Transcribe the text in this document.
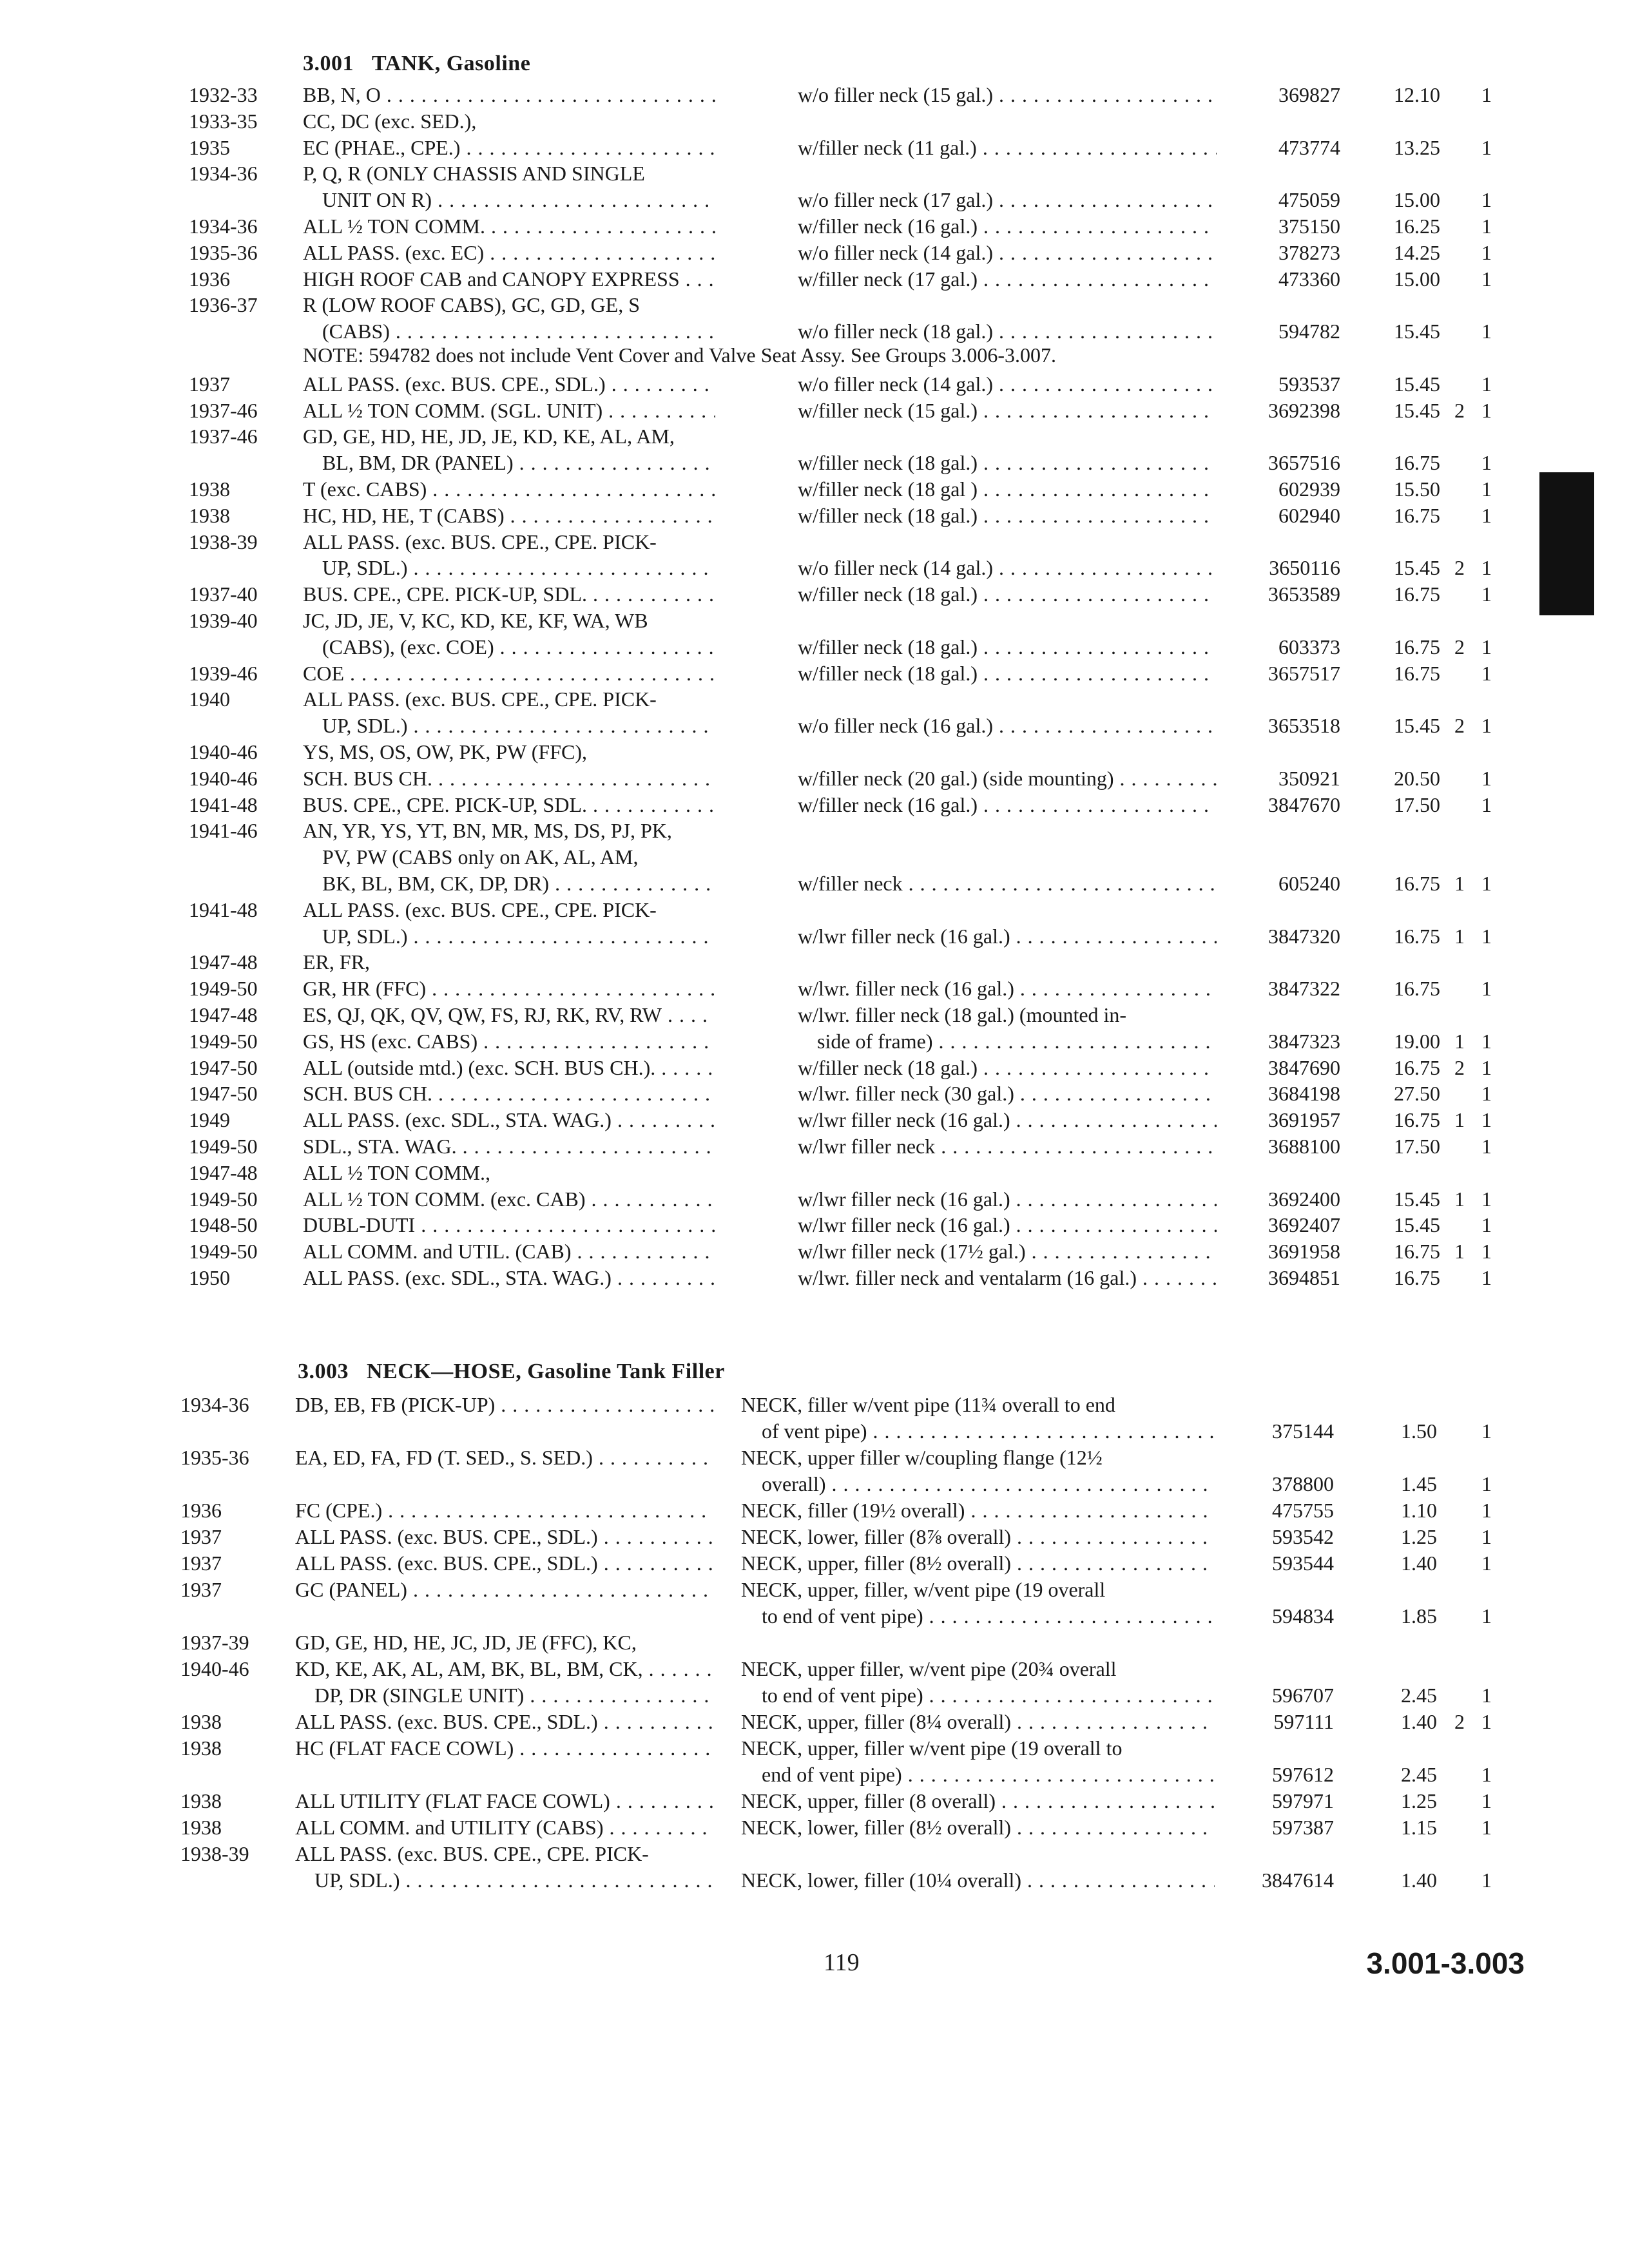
3.001 TANK, Gasoline
1932-33	BB, N, O . . .	w/o filler neck (15 gal.) . . .	369827	12.10	1
1933-35	CC, DC (exc. SED.),
1935	EC (PHAE., CPE.) . . .	w/filler neck (11 gal.) . . .	473774	13.25	1
1934-36	P, Q, R (ONLY CHASSIS AND SINGLE
UNIT ON R) . . .	w/o filler neck (17 gal.) . . .	475059	15.00	1
1934-36	ALL ½ TON COMM. . . .	w/filler neck (16 gal.) . . .	375150	16.25	1
1935-36	ALL PASS. (exc. EC) . . .	w/o filler neck (14 gal.) . . .	378273	14.25	1
1936	HIGH ROOF CAB and CANOPY EXPRESS . . .	w/filler neck (17 gal.) . . .	473360	15.00	1
1936-37	R (LOW ROOF CABS), GC, GD, GE, S
(CABS) . . .	w/o filler neck (18 gal.) . . .	594782	15.45	1
NOTE: 594782 does not include Vent Cover and Valve Seat Assy. See Groups 3.006-3.007.
1937	ALL PASS. (exc. BUS. CPE., SDL.) . . .	w/o filler neck (14 gal.) . . .	593537	15.45	1
1937-46	ALL ½ TON COMM. (SGL. UNIT) . . .	w/filler neck (15 gal.) . . .	3692398	15.45 2 1
1937-46	GD, GE, HD, HE, JD, JE, KD, KE, AL, AM,
BL, BM, DR (PANEL) . . .	w/filler neck (18 gal.) . . .	3657516	16.75	1
1938	T (exc. CABS) . . .	w/filler neck (18 gal ) . . .	602939	15.50	1
1938	HC, HD, HE, T (CABS) . . .	w/filler neck (18 gal.) . . .	602940	16.75	1
1938-39	ALL PASS. (exc. BUS. CPE., CPE. PICK-
UP, SDL.) . . .	w/o filler neck (14 gal.) . . .	3650116	15.45 2 1
1937-40	BUS. CPE., CPE. PICK-UP, SDL. . . .	w/filler neck (18 gal.) . . .	3653589	16.75	1
1939-40	JC, JD, JE, V, KC, KD, KE, KF, WA, WB
(CABS), (exc. COE) . . .	w/filler neck (18 gal.) . . .	603373	16.75 2 1
1939-46	COE . . .	w/filler neck (18 gal.) . . .	3657517	16.75	1
1940	ALL PASS. (exc. BUS. CPE., CPE. PICK-
UP, SDL.) . . .	w/o filler neck (16 gal.) . . .	3653518	15.45 2 1
1940-46	YS, MS, OS, OW, PK, PW (FFC),
1940-46	SCH. BUS CH. . . .	w/filler neck (20 gal.) (side mounting) . . .	350921	20.50	1
1941-48	BUS. CPE., CPE. PICK-UP, SDL. . . .	w/filler neck (16 gal.) . . .	3847670	17.50	1
1941-46	AN, YR, YS, YT, BN, MR, MS, DS, PJ, PK,
PV, PW (CABS only on AK, AL, AM,
BK, BL, BM, CK, DP, DR) . . .	w/filler neck . . .	605240	16.75 1 1
1941-48	ALL PASS. (exc. BUS. CPE., CPE. PICK-
UP, SDL.) . . .	w/lwr filler neck (16 gal.) . . .	3847320	16.75 1 1
1947-48	ER, FR,
1949-50	GR, HR (FFC) . . .	w/lwr. filler neck (16 gal.) . . .	3847322	16.75	1
1947-48	ES, QJ, QK, QV, QW, FS, RJ, RK, RV, RW . . .	w/lwr. filler neck (18 gal.) (mounted in-
1949-50	GS, HS (exc. CABS) . . .	side of frame) . . .	3847323	19.00 1 1
1947-50	ALL (outside mtd.) (exc. SCH. BUS CH.). . . .	w/filler neck (18 gal.) . . .	3847690	16.75 2 1
1947-50	SCH. BUS CH. . . .	w/lwr. filler neck (30 gal.) . . .	3684198	27.50	1
1949	ALL PASS. (exc. SDL., STA. WAG.) . . .	w/lwr filler neck (16 gal.) . . .	3691957	16.75 1 1
1949-50	SDL., STA. WAG. . . .	w/lwr filler neck . . .	3688100	17.50	1
1947-48	ALL ½ TON COMM.,
1949-50	ALL ½ TON COMM. (exc. CAB) . . .	w/lwr filler neck (16 gal.) . . .	3692400	15.45 1 1
1948-50	DUBL-DUTI . . .	w/lwr filler neck (16 gal.) . . .	3692407	15.45	1
1949-50	ALL COMM. and UTIL. (CAB) . . .	w/lwr filler neck (17½ gal.) . . .	3691958	16.75 1 1
1950	ALL PASS. (exc. SDL., STA. WAG.) . . .	w/lwr. filler neck and ventalarm (16 gal.) . . .	3694851	16.75	1
3.003 NECK—HOSE, Gasoline Tank Filler
1934-36	DB, EB, FB (PICK-UP) . . .	NECK, filler w/vent pipe (11¾ overall to end
of vent pipe) . . .	375144	1.50	1
1935-36	EA, ED, FA, FD (T. SED., S. SED.) . . .	NECK, upper filler w/coupling flange (12½
overall) . . .	378800	1.45	1
1936	FC (CPE.) . . .	NECK, filler (19½ overall) . . .	475755	1.10	1
1937	ALL PASS. (exc. BUS. CPE., SDL.) . . .	NECK, lower, filler (8⅞ overall) . . .	593542	1.25	1
1937	ALL PASS. (exc. BUS. CPE., SDL.) . . .	NECK, upper, filler (8½ overall) . . .	593544	1.40	1
1937	GC (PANEL) . . .	NECK, upper, filler, w/vent pipe (19 overall
to end of vent pipe) . . .	594834	1.85	1
1937-39	GD, GE, HD, HE, JC, JD, JE (FFC), KC,
1940-46	KD, KE, AK, AL, AM, BK, BL, BM, CK, . . .	NECK, upper filler, w/vent pipe (20¾ overall
DP, DR (SINGLE UNIT) . . .	to end of vent pipe) . . .	596707	2.45	1
1938	ALL PASS. (exc. BUS. CPE., SDL.) . . .	NECK, upper, filler (8¼ overall) . . .	597111	1.40 2 1
1938	HC (FLAT FACE COWL) . . .	NECK, upper, filler w/vent pipe (19 overall to
end of vent pipe) . . .	597612	2.45	1
1938	ALL UTILITY (FLAT FACE COWL) . . .	NECK, upper, filler (8 overall) . . .	597971	1.25	1
1938	ALL COMM. and UTILITY (CABS) . . .	NECK, lower, filler (8½ overall) . . .	597387	1.15	1
1938-39	ALL PASS. (exc. BUS. CPE., CPE. PICK-
UP, SDL.) . . .	NECK, lower, filler (10¼ overall) . . .	3847614	1.40	1
119	3.001-3.003
